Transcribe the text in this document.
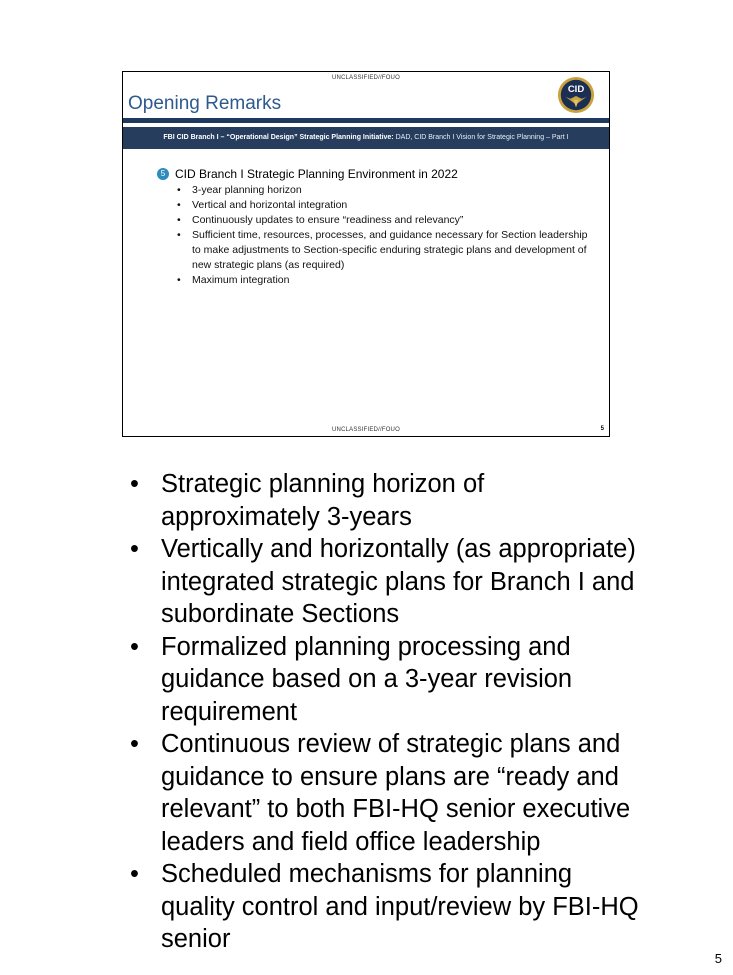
UNCLASSIFIED//FOUO
Opening Remarks
CID
FBI CID Branch I – “Operational Design” Strategic Planning Initiative: DAD, CID Branch I Vision for Strategic Planning – Part I
5 CID Branch I Strategic Planning Environment in 2022
• 3-year planning horizon
• Vertical and horizontal integration
• Continuously updates to ensure “readiness and relevancy”
• Sufficient time, resources, processes, and guidance necessary for Section leadership to make adjustments to Section-specific enduring strategic plans and development of new strategic plans (as required)
• Maximum integration
UNCLASSIFIED//FOUO	5
• Strategic planning horizon of approximately 3-years
• Vertically and horizontally (as appropriate) integrated strategic plans for Branch I and subordinate Sections
• Formalized planning processing and guidance based on a 3-year revision requirement
• Continuous review of strategic plans and guidance to ensure plans are “ready and relevant” to both FBI-HQ senior executive leaders and field office leadership
• Scheduled mechanisms for planning quality control and input/review by FBI-HQ senior
5
